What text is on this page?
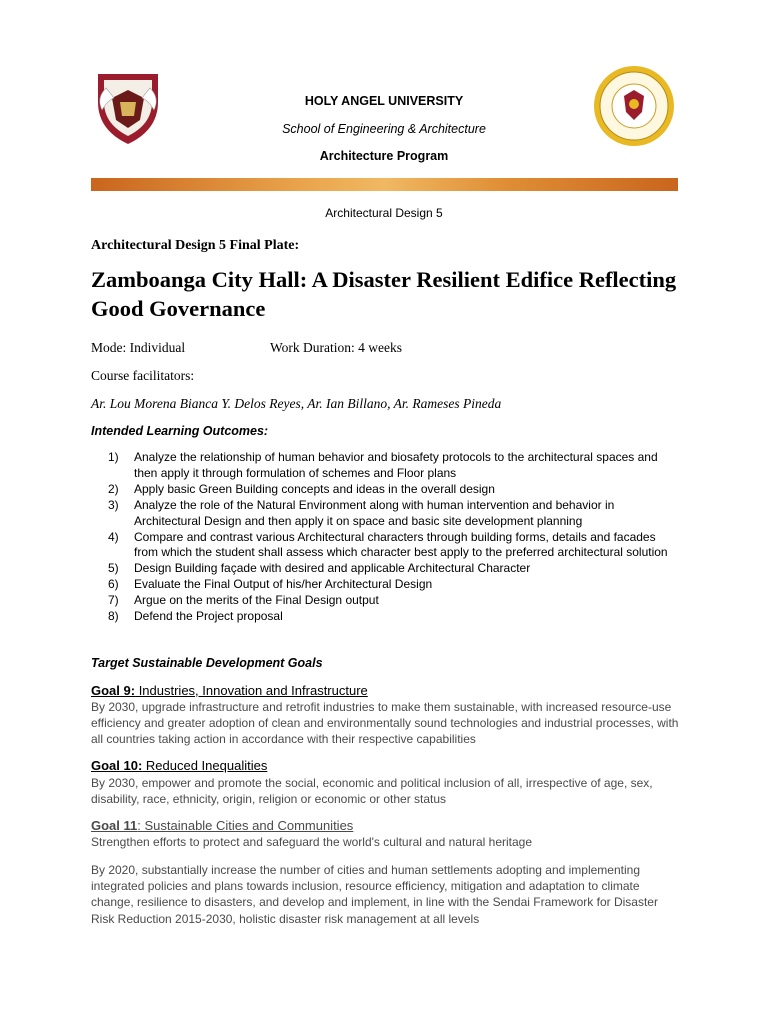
HOLY ANGEL UNIVERSITY
School of Engineering & Architecture
Architecture Program
Architectural Design 5
Architectural Design 5 Final Plate:
Zamboanga City Hall: A Disaster Resilient Edifice Reflecting Good Governance
Mode: Individual	Work Duration: 4 weeks
Course facilitators:
Ar. Lou Morena Bianca Y. Delos Reyes, Ar. Ian Billano, Ar. Rameses Pineda
Intended Learning Outcomes:
1)	Analyze the relationship of human behavior and biosafety protocols to the architectural spaces and then apply it through formulation of schemes and Floor plans
2)	Apply basic Green Building concepts and ideas in the overall design
3)	Analyze the role of the Natural Environment along with human intervention and behavior in Architectural Design and then apply it on space and basic site development planning
4)	Compare and contrast various Architectural characters through building forms, details and facades from which the student shall assess which character best apply to the preferred architectural solution
5)	Design Building façade with desired and applicable Architectural Character
6)	Evaluate the Final Output of his/her Architectural Design
7)	Argue on the merits of the Final Design output
8)	Defend the Project proposal
Target Sustainable Development Goals
Goal 9: Industries, Innovation and Infrastructure
By 2030, upgrade infrastructure and retrofit industries to make them sustainable, with increased resource-use efficiency and greater adoption of clean and environmentally sound technologies and industrial processes, with all countries taking action in accordance with their respective capabilities
Goal 10: Reduced Inequalities
By 2030, empower and promote the social, economic and political inclusion of all, irrespective of age, sex, disability, race, ethnicity, origin, religion or economic or other status
Goal 11: Sustainable Cities and Communities
Strengthen efforts to protect and safeguard the world's cultural and natural heritage
By 2020, substantially increase the number of cities and human settlements adopting and implementing integrated policies and plans towards inclusion, resource efficiency, mitigation and adaptation to climate change, resilience to disasters, and develop and implement, in line with the Sendai Framework for Disaster Risk Reduction 2015-2030, holistic disaster risk management at all levels
